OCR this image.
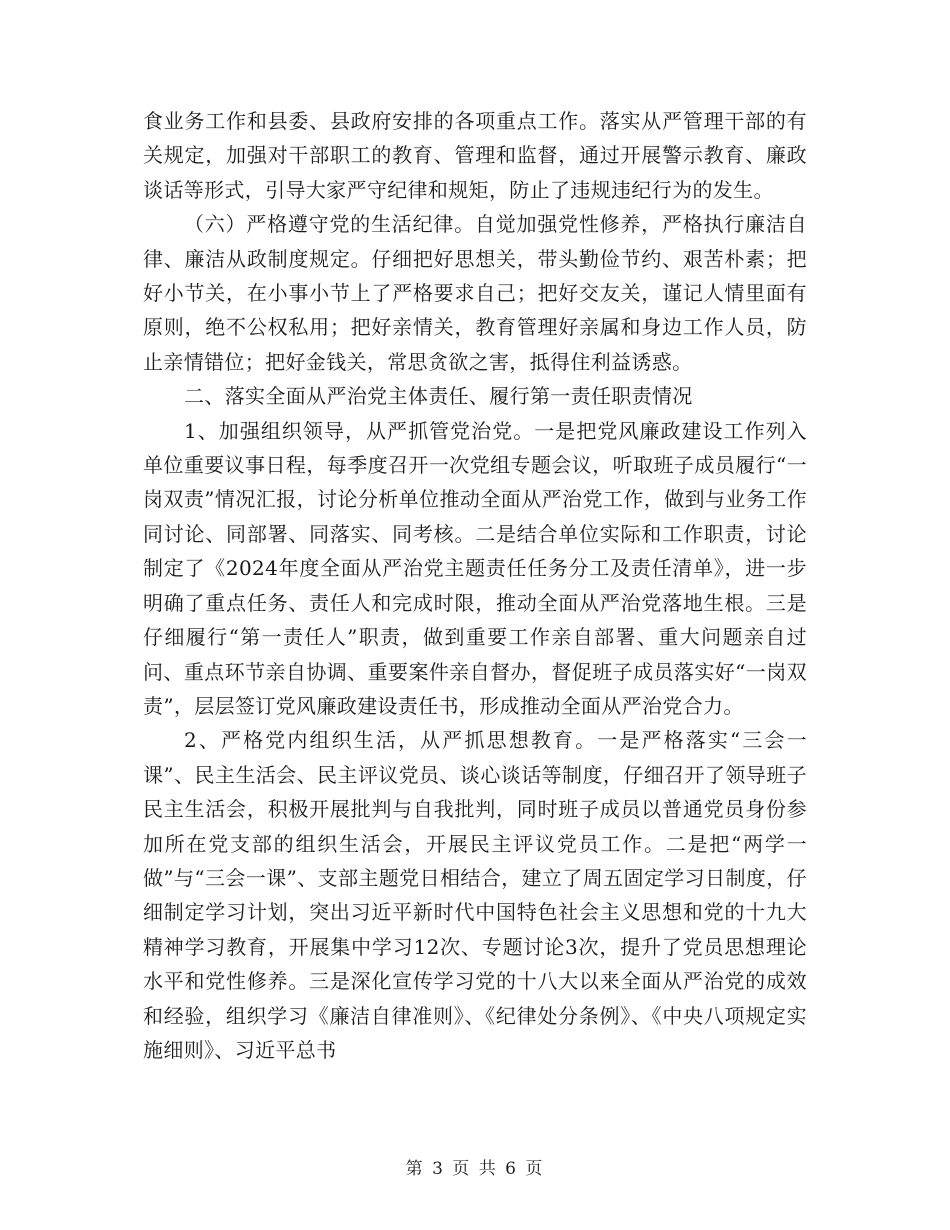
食业务工作和县委、县政府安排的各项重点工作。落实从严管理干部的有关规定，加强对干部职工的教育、管理和监督，通过开展警示教育、廉政谈话等形式，引导大家严守纪律和规矩，防止了违规违纪行为的发生。

（六）严格遵守党的生活纪律。自觉加强党性修养，严格执行廉洁自律、廉洁从政制度规定。仔细把好思想关，带头勤俭节约、艰苦朴素；把好小节关，在小事小节上了严格要求自己；把好交友关，谨记人情里面有原则，绝不公权私用；把好亲情关，教育管理好亲属和身边工作人员，防止亲情错位；把好金钱关，常思贪欲之害，抵得住利益诱惑。

二、落实全面从严治党主体责任、履行第一责任职责情况

1、加强组织领导，从严抓管党治党。一是把党风廉政建设工作列入单位重要议事日程，每季度召开一次党组专题会议，听取班子成员履行“一岗双责”情况汇报，讨论分析单位推动全面从严治党工作，做到与业务工作同讨论、同部署、同落实、同考核。二是结合单位实际和工作职责，讨论制定了《2024年度全面从严治党主题责任任务分工及责任清单》，进一步明确了重点任务、责任人和完成时限，推动全面从严治党落地生根。三是仔细履行“第一责任人”职责，做到重要工作亲自部署、重大问题亲自过问、重点环节亲自协调、重要案件亲自督办，督促班子成员落实好“一岗双责”，层层签订党风廉政建设责任书，形成推动全面从严治党合力。

2、严格党内组织生活，从严抓思想教育。一是严格落实“三会一课”、民主生活会、民主评议党员、谈心谈话等制度，仔细召开了领导班子民主生活会，积极开展批判与自我批判，同时班子成员以普通党员身份参加所在党支部的组织生活会，开展民主评议党员工作。二是把“两学一做”与“三会一课”、支部主题党日相结合，建立了周五固定学习日制度，仔细制定学习计划，突出习近平新时代中国特色社会主义思想和党的十九大精神学习教育，开展集中学习12次、专题讨论3次，提升了党员思想理论水平和党性修养。三是深化宣传学习党的十八大以来全面从严治党的成效和经验，组织学习《廉洁自律准则》、《纪律处分条例》、《中央八项规定实施细则》、习近平总书

第 3 页 共 6 页
